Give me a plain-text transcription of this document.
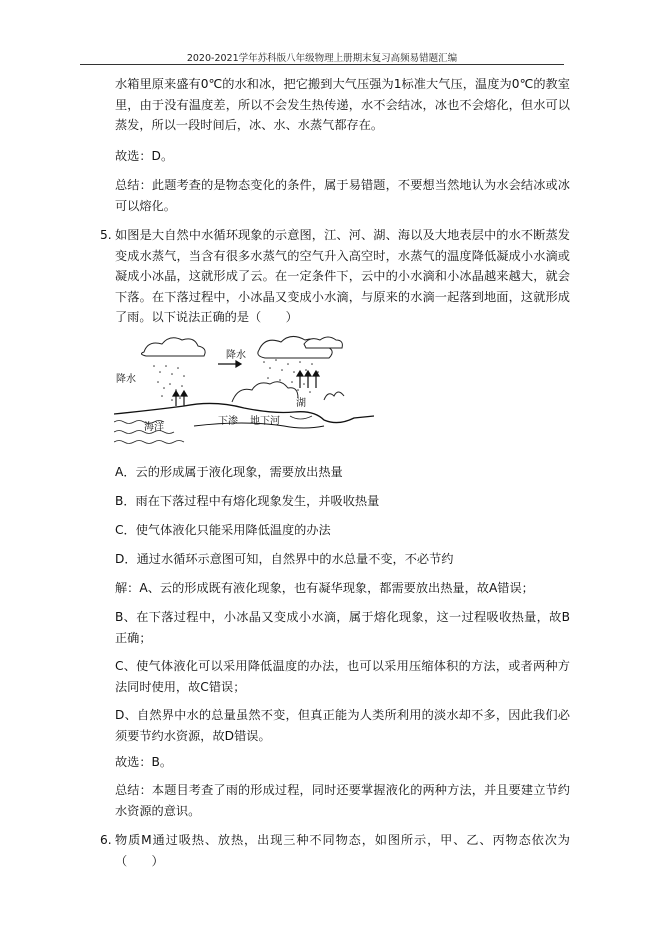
2020-2021学年苏科版八年级物理上册期末复习高频易错题汇编

水箱里原来盛有0℃的水和冰，把它搬到大气压强为1标准大气压，温度为0℃的教室里，由于没有温度差，所以不会发生热传递，水不会结冰，冰也不会熔化，但水可以蒸发，所以一段时间后，冰、水、水蒸气都存在。

故选：D。

总结：此题考查的是物态变化的条件，属于易错题，不要想当然地认为水会结冰或冰可以熔化。

5. 如图是大自然中水循环现象的示意图，江、河、湖、海以及大地表层中的水不断蒸发变成水蒸气，当含有很多水蒸气的空气升入高空时，水蒸气的温度降低凝成小水滴或凝成小冰晶，这就形成了云。在一定条件下，云中的小水滴和小冰晶越来越大，就会下落。在下落过程中，小冰晶又变成小水滴，与原来的水滴一起落到地面，这就形成了雨。以下说法正确的是（　　）

降水
降水
海洋
湖
下渗 地下河

A．云的形成属于液化现象，需要放出热量

B．雨在下落过程中有熔化现象发生，并吸收热量

C．使气体液化只能采用降低温度的办法

D．通过水循环示意图可知，自然界中的水总量不变，不必节约

解：A、云的形成既有液化现象，也有凝华现象，都需要放出热量，故A错误；

B、在下落过程中，小冰晶又变成小水滴，属于熔化现象，这一过程吸收热量，故B正确；

C、使气体液化可以采用降低温度的办法，也可以采用压缩体积的方法，或者两种方法同时使用，故C错误；

D、自然界中水的总量虽然不变，但真正能为人类所利用的淡水却不多，因此我们必须要节约水资源，故D错误。

故选：B。

总结：本题目考查了雨的形成过程，同时还要掌握液化的两种方法，并且要建立节约水资源的意识。

6. 物质M通过吸热、放热，出现三种不同物态，如图所示，甲、乙、丙物态依次为（　　）
